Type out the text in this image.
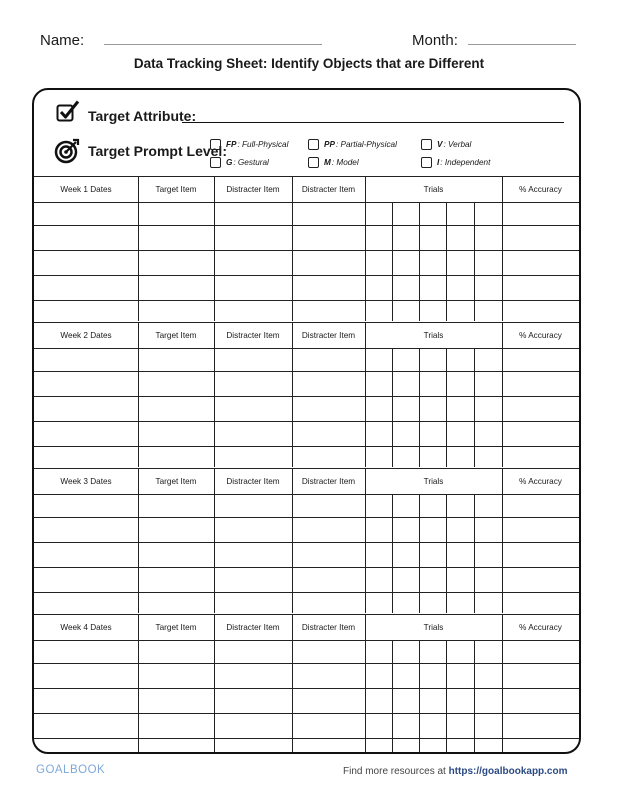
Name:	Month:
Data Tracking Sheet: Identify Objects that are Different
Target Attribute:
Target Prompt Level: FP : Full-Physical	PP : Partial-Physical	V : Verbal
G : Gestural	M : Model	I : Independent
Week 1 Dates	Target Item	Distracter Item	Distracter Item	Trials	% Accuracy
Week 2 Dates	Target Item	Distracter Item	Distracter Item	Trials	% Accuracy
Week 3 Dates	Target Item	Distracter Item	Distracter Item	Trials	% Accuracy
Week 4 Dates	Target Item	Distracter Item	Distracter Item	Trials	% Accuracy
GOALBOOK	Find more resources at https://goalbookapp.com
